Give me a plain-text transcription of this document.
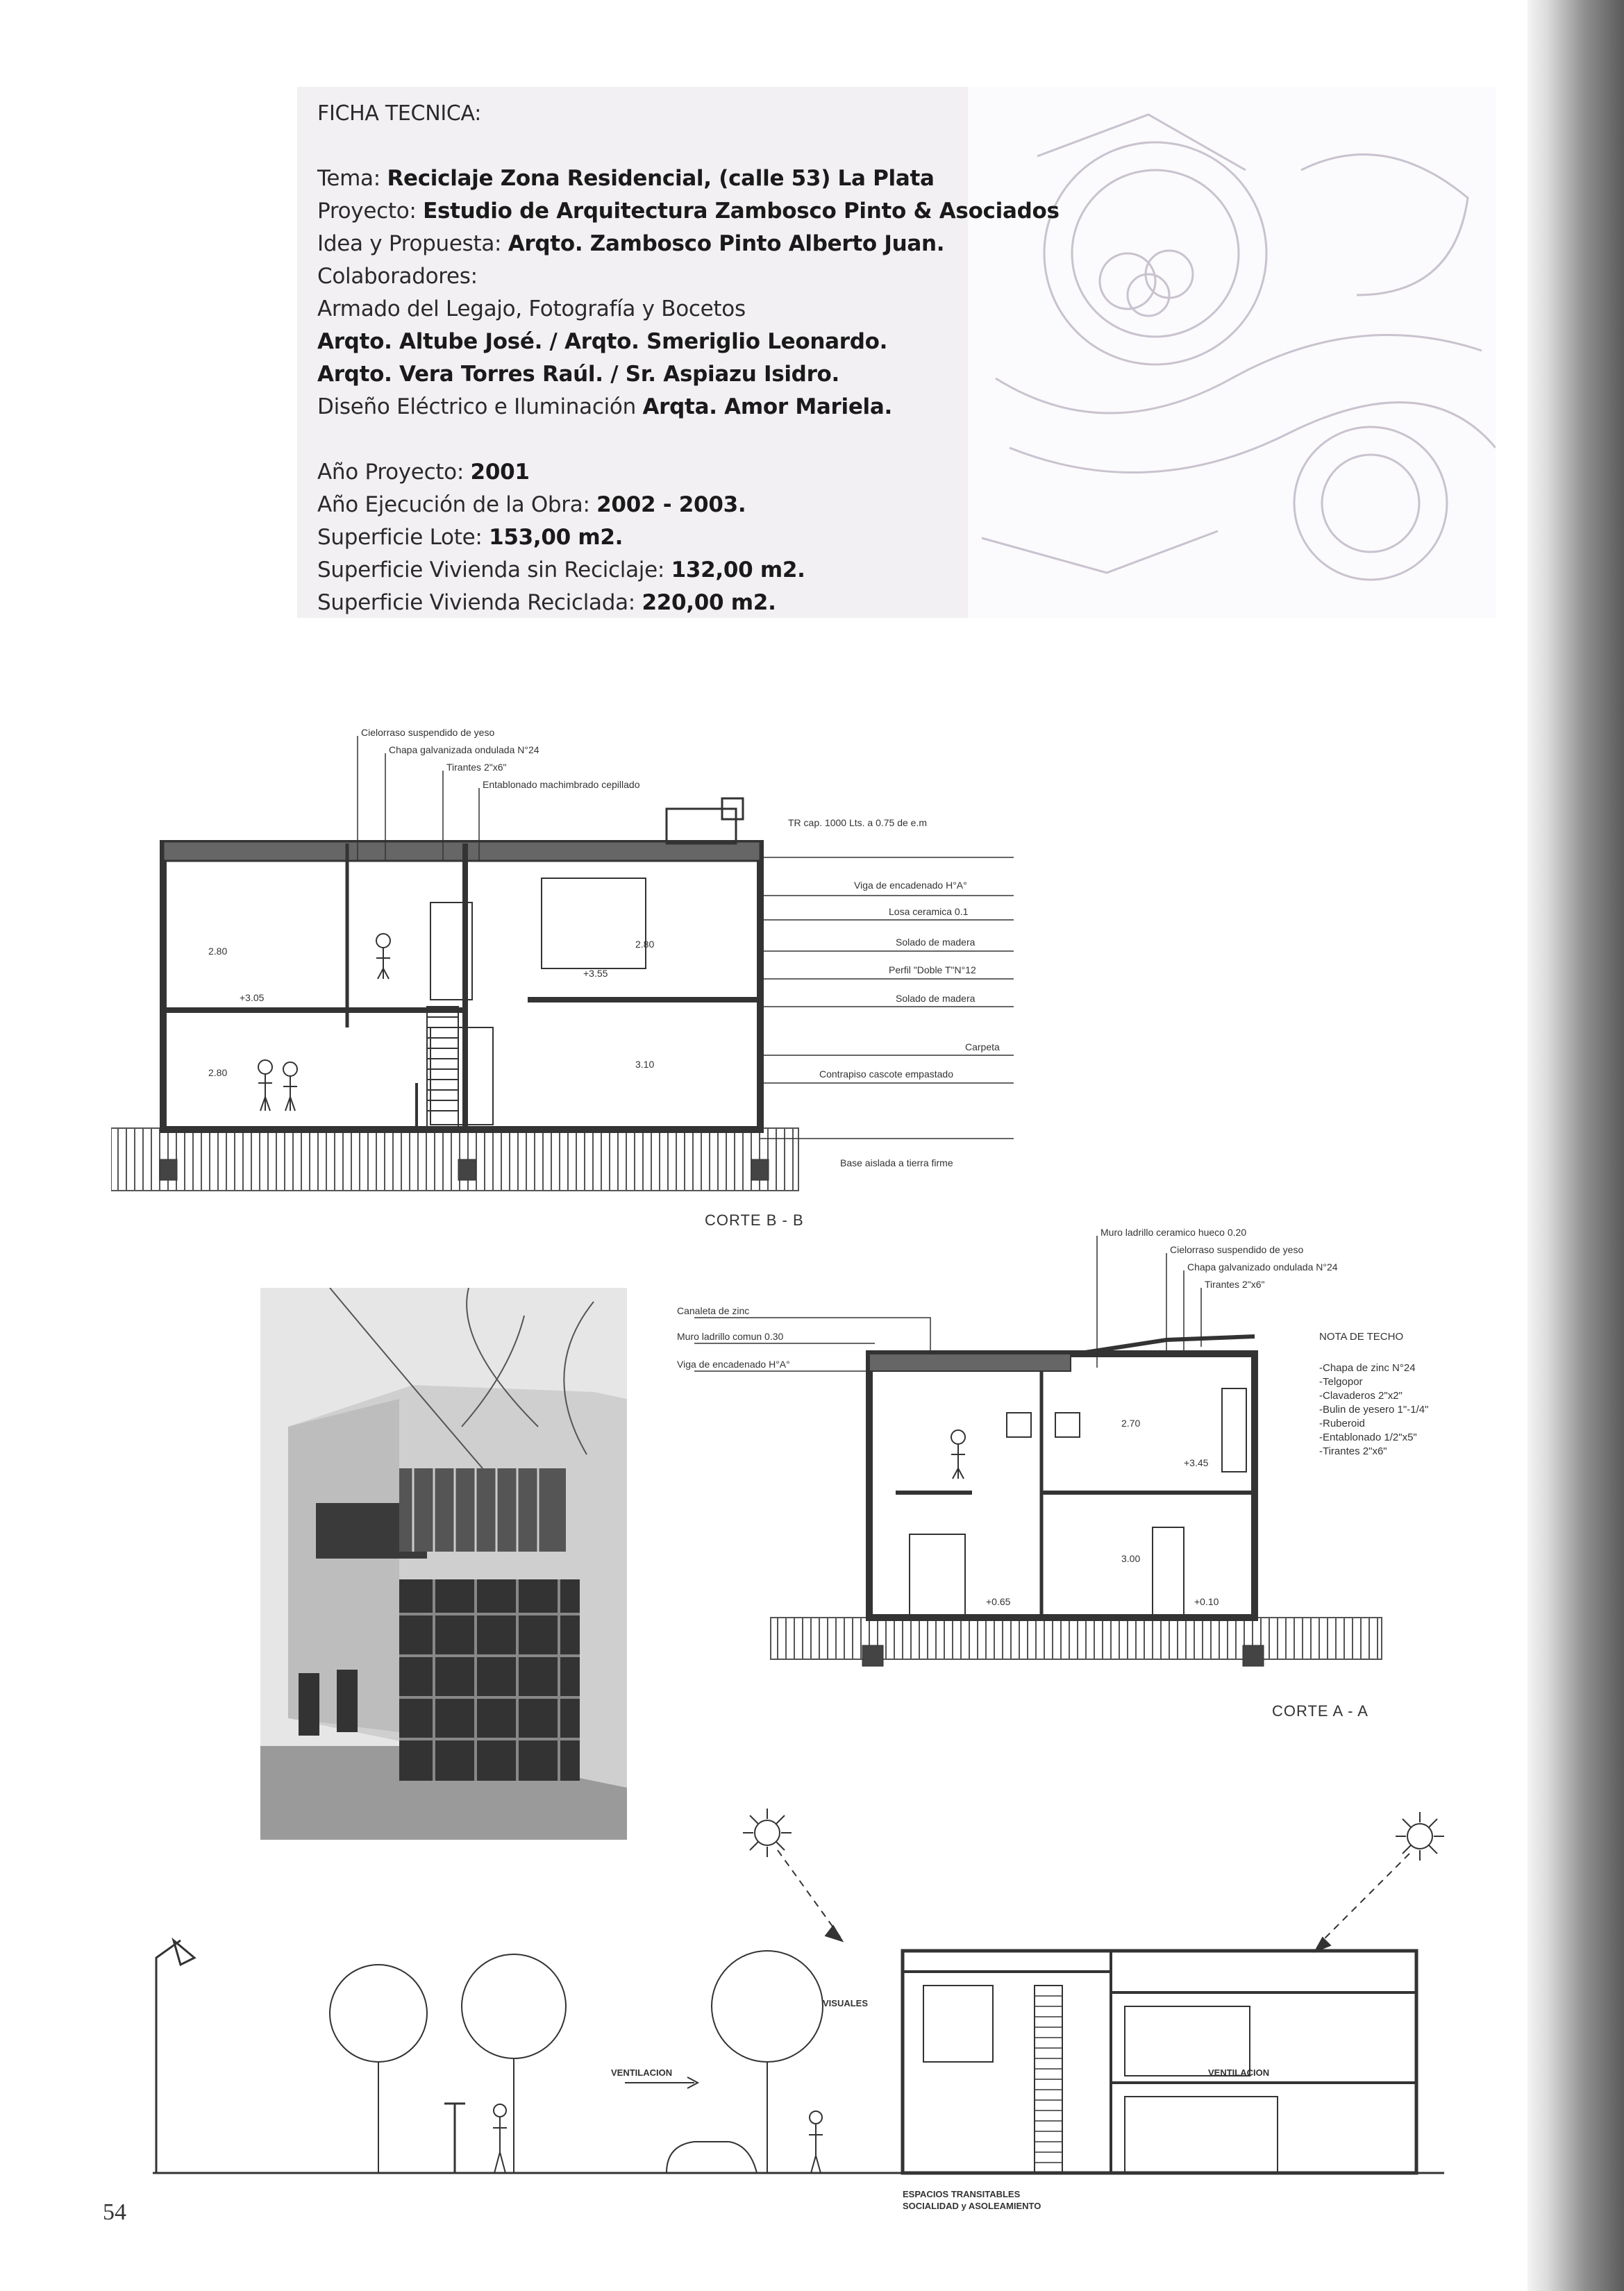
FICHA TECNICA:
Tema: Reciclaje Zona Residencial, (calle 53) La Plata
Proyecto: Estudio de Arquitectura Zambosco Pinto & Asociados
Idea y Propuesta: Arqto. Zambosco Pinto Alberto Juan.
Colaboradores:
Armado del Legajo, Fotografía y Bocetos
Arqto. Altube José. / Arqto. Smeriglio Leonardo.
Arqto. Vera Torres Raúl. / Sr. Aspiazu Isidro.
Diseño Eléctrico e Iluminación Arqta. Amor Mariela.
Año Proyecto: 2001
Año Ejecución de la Obra: 2002 - 2003.
Superficie Lote: 153,00 m2.
Superficie Vivienda sin Reciclaje: 132,00 m2.
Superficie Vivienda Reciclada: 220,00 m2.
Cielorraso suspendido de yeso
Chapa galvanizada ondulada N°24
Tirantes 2"x6"
Entablonado machimbrado cepillado
TR cap. 1000 Lts. a 0.75 de e.m
Viga de encadenado H°A°
Losa ceramica 0.1
Solado de madera
Perfil "Doble T"N°12
Solado de madera
Carpeta
Contrapiso cascote empastado
Base aislada a tierra firme
2.80
2.80
+3.05
+3.55
2.80
3.10
CORTE B - B
Muro ladrillo ceramico hueco 0.20
Cielorraso suspendido de yeso
Chapa galvanizado ondulada N°24
Tirantes 2"x6"
Canaleta de zinc
Muro ladrillo comun 0.30
Viga de encadenado H°A°
2.70
+3.45
3.00
+0.65	+0.10
NOTA DE TECHO
-Chapa de zinc N°24
-Telgopor
-Clavaderos 2"x2"
-Bulin de yesero 1"-1/4"
-Ruberoid
-Entablonado 1/2"x5"
-Tirantes 2"x6"
CORTE A - A
VISUALES
VENTILACION	VENTILACION
ESPACIOS TRANSITABLES
SOCIALIDAD y ASOLEAMIENTO
54
